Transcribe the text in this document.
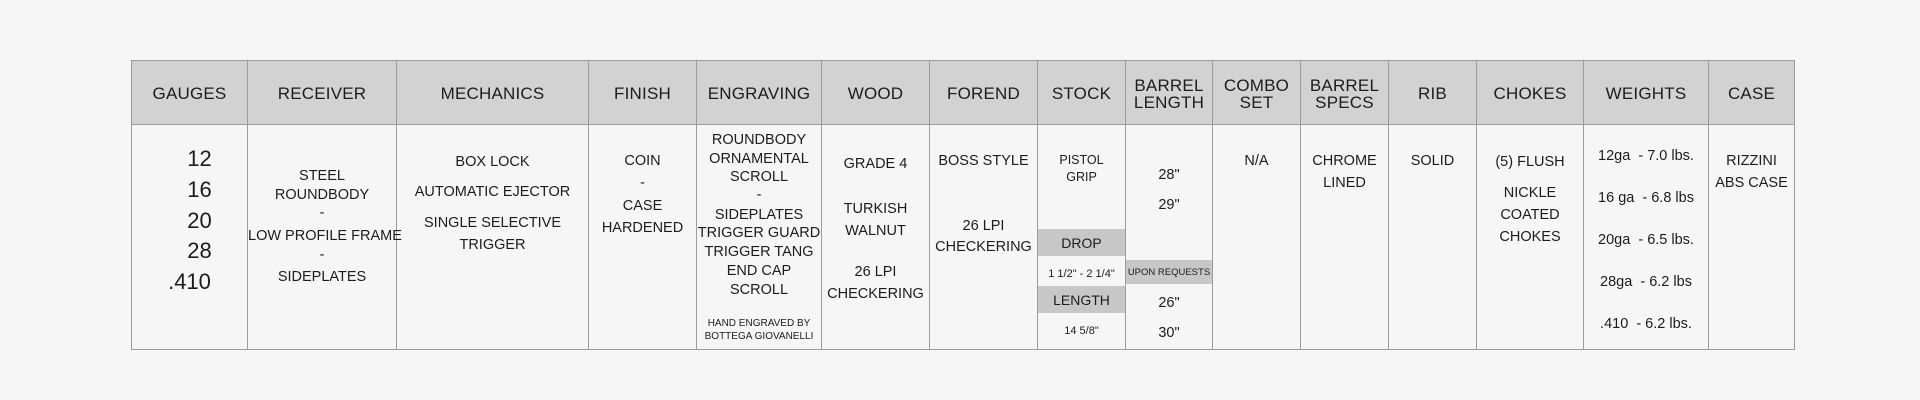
GAUGES
12
16
20
28
.410
RECEIVER
STEEL
ROUNDBODY
-
LOW PROFILE FRAME
-
SIDEPLATES
MECHANICS
BOX LOCK
AUTOMATIC EJECTOR
SINGLE SELECTIVE
TRIGGER
FINISH
COIN
-
CASE
HARDENED
ENGRAVING
ROUNDBODY
ORNAMENTAL
SCROLL
-
SIDEPLATES
TRIGGER GUARD
TRIGGER TANG
END CAP
SCROLL
HAND ENGRAVED BY
BOTTEGA GIOVANELLI
WOOD
GRADE 4
TURKISH
WALNUT
26 LPI
CHECKERING
FOREND
BOSS STYLE
26 LPI
CHECKERING
STOCK
PISTOL
GRIP
DROP
1 1/2" - 2 1/4"
LENGTH
14 5/8"
BARREL
LENGTH
28"
29"
UPON REQUESTS
26"
30"
COMBO
SET
N/A
BARREL
SPECS
CHROME
LINED
RIB
SOLID
CHOKES
(5) FLUSH
NICKLE
COATED
CHOKES
WEIGHTS
12ga  - 7.0 lbs.
16 ga  - 6.8 lbs
20ga  - 6.5 lbs.
28ga  - 6.2 lbs
.410  - 6.2 lbs.
CASE
RIZZINI
ABS CASE
